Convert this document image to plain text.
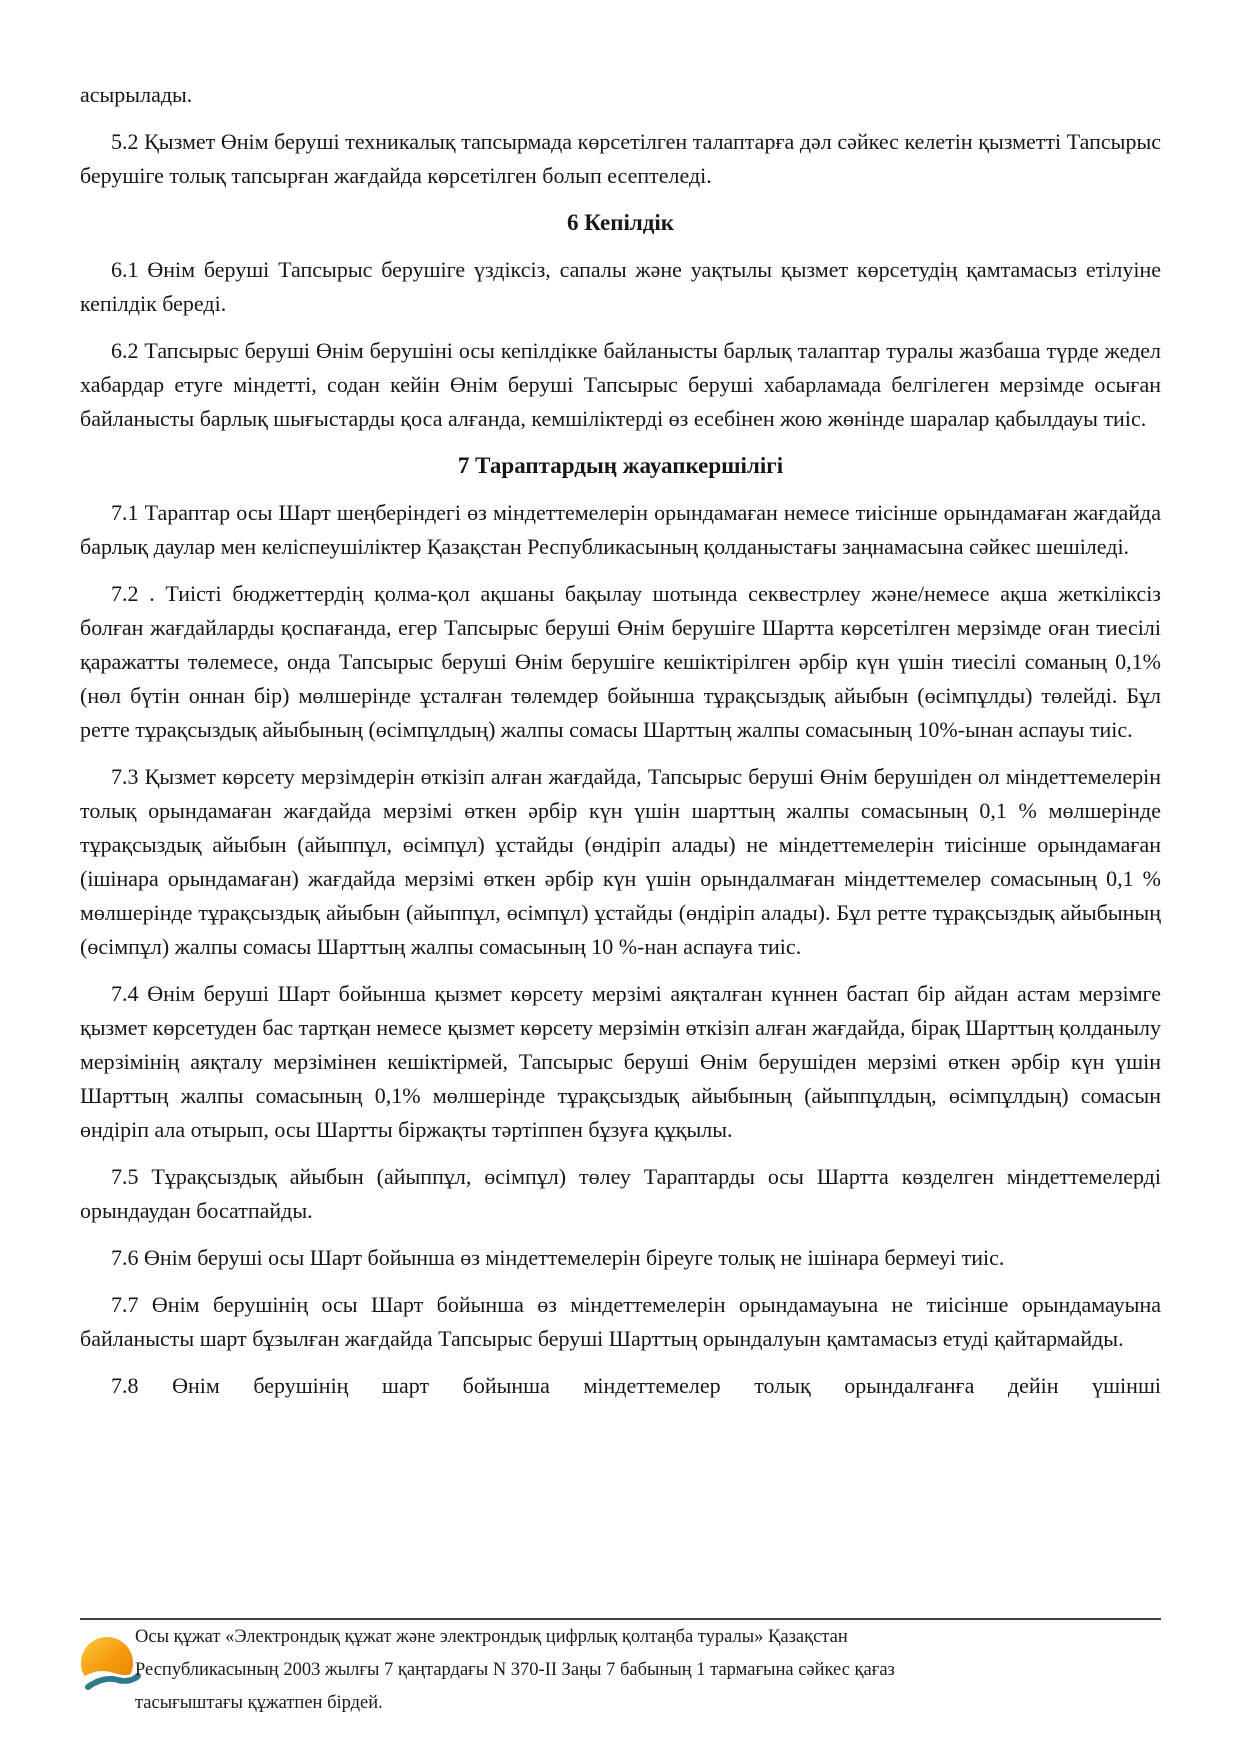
асырылады.

5.2 Қызмет Өнім беруші техникалық тапсырмада көрсетілген талаптарға дәл сәйкес келетін қызметті Тапсырыс берушіге толық тапсырған жағдайда көрсетілген болып есептеледі.

6 Кепілдік

6.1 Өнім беруші Тапсырыс берушіге үздіксіз, сапалы және уақтылы қызмет көрсетудің қамтамасыз етілуіне кепілдік береді.

6.2 Тапсырыс беруші Өнім берушіні осы кепілдікке байланысты барлық талаптар туралы жазбаша түрде жедел хабардар етуге міндетті, содан кейін Өнім беруші Тапсырыс беруші хабарламада белгілеген мерзімде осыған байланысты барлық шығыстарды қоса алғанда, кемшіліктерді өз есебінен жою жөнінде шаралар қабылдауы тиіс.

7 Тараптардың жауапкершілігі

7.1 Тараптар осы Шарт шеңберіндегі өз міндеттемелерін орындамаған немесе тиісінше орындамаған жағдайда барлық даулар мен келіспеушіліктер Қазақстан Республикасының қолданыстағы заңнамасына сәйкес шешіледі.

7.2 . Тиісті бюджеттердің қолма-қол ақшаны бақылау шотында секвестрлеу және/немесе ақша жеткіліксіз болған жағдайларды қоспағанда, егер Тапсырыс беруші Өнім берушіге Шартта көрсетілген мерзімде оған тиесілі қаражатты төлемесе, онда Тапсырыс беруші Өнім берушіге кешіктірілген әрбір күн үшін тиесілі соманың 0,1% (нөл бүтін оннан бір) мөлшерінде ұсталған төлемдер бойынша тұрақсыздық айыбын (өсімпұлды) төлейді. Бұл ретте тұрақсыздық айыбының (өсімпұлдың) жалпы сомасы Шарттың жалпы сомасының 10%-ынан аспауы тиіс.

7.3 Қызмет көрсету мерзімдерін өткізіп алған жағдайда, Тапсырыс беруші Өнім берушіден ол міндеттемелерін толық орындамаған жағдайда мерзімі өткен әрбір күн үшін шарттың жалпы сомасының 0,1 % мөлшерінде тұрақсыздық айыбын (айыппұл, өсімпұл) ұстайды (өндіріп алады) не міндеттемелерін тиісінше орындамаған (ішінара орындамаған) жағдайда мерзімі өткен әрбір күн үшін орындалмаған міндеттемелер сомасының 0,1 % мөлшерінде тұрақсыздық айыбын (айыппұл, өсімпұл) ұстайды (өндіріп алады). Бұл ретте тұрақсыздық айыбының (өсімпұл) жалпы сомасы Шарттың жалпы сомасының 10 %-нан аспауға тиіс.

7.4 Өнім беруші Шарт бойынша қызмет көрсету мерзімі аяқталған күннен бастап бір айдан астам мерзімге қызмет көрсетуден бас тартқан немесе қызмет көрсету мерзімін өткізіп алған жағдайда, бірақ Шарттың қолданылу мерзімінің аяқталу мерзімінен кешіктірмей, Тапсырыс беруші Өнім берушіден мерзімі өткен әрбір күн үшін Шарттың жалпы сомасының 0,1% мөлшерінде тұрақсыздық айыбының (айыппұлдың, өсімпұлдың) сомасын өндіріп ала отырып, осы Шартты біржақты тәртіппен бұзуға құқылы.

7.5 Тұрақсыздық айыбын (айыппұл, өсімпұл) төлеу Тараптарды осы Шартта көзделген міндеттемелерді орындаудан босатпайды.

7.6 Өнім беруші осы Шарт бойынша өз міндеттемелерін біреуге толық не ішінара бермеуі тиіс.

7.7 Өнім берушінің осы Шарт бойынша өз міндеттемелерін орындамауына не тиісінше орындамауына байланысты шарт бұзылған жағдайда Тапсырыс беруші Шарттың орындалуын қамтамасыз етуді қайтармайды.

7.8 Өнім берушінің шарт бойынша міндеттемелер толық орындалғанға дейін үшінші

Осы құжат «Электрондық құжат және электрондық цифрлық қолтаңба туралы» Қазақстан
Республикасының 2003 жылғы 7 қаңтардағы N 370-II Заңы 7 бабының 1 тармағына сәйкес қағаз
тасығыштағы құжатпен бірдей.
